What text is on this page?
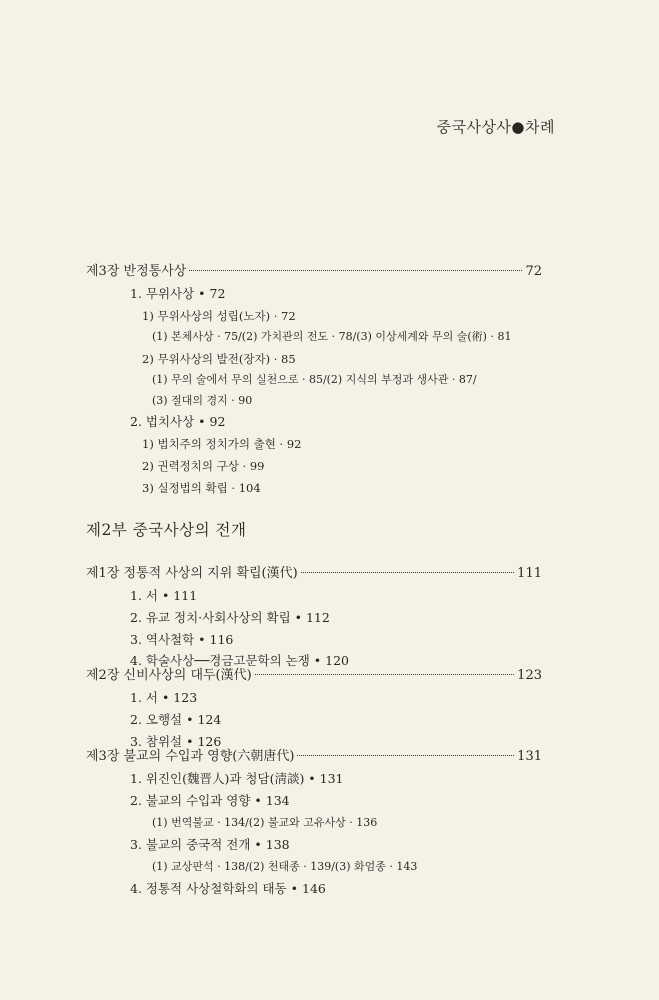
중국사상사●차례
제3장 반정통사상	72
1. 무위사상 • 72
1) 무위사상의 성립(노자) · 72
(1) 본체사상 · 75/(2) 가치관의 전도 · 78/(3) 이상세계와 무의 술(術) · 81
2) 무위사상의 발전(장자) · 85
(1) 무의 술에서 무의 실천으로 · 85/(2) 지식의 부정과 생사관 · 87/
(3) 절대의 경지 · 90
2. 법치사상 • 92
1) 법치주의 정치가의 출현 · 92
2) 권력정치의 구상 · 99
3) 실정법의 확립 · 104
제2부 중국사상의 전개
제1장 정통적 사상의 지위 확립(漢代)	111
1. 서 • 111
2. 유교 정치·사회사상의 확립 • 112
3. 역사철학 • 116
4. 학술사상──경금고문학의 논쟁 • 120
제2장 신비사상의 대두(漢代)	123
1. 서 • 123
2. 오행설 • 124
3. 참위설 • 126
제3장 불교의 수입과 영향(六朝唐代)	131
1. 위진인(魏晋人)과 청담(淸談) • 131
2. 불교의 수입과 영향 • 134
(1) 번역불교 · 134/(2) 불교와 고유사상 · 136
3. 불교의 중국적 전개 • 138
(1) 교상판석 · 138/(2) 천태종 · 139/(3) 화엄종 · 143
4. 정통적 사상철학화의 태동 • 146
